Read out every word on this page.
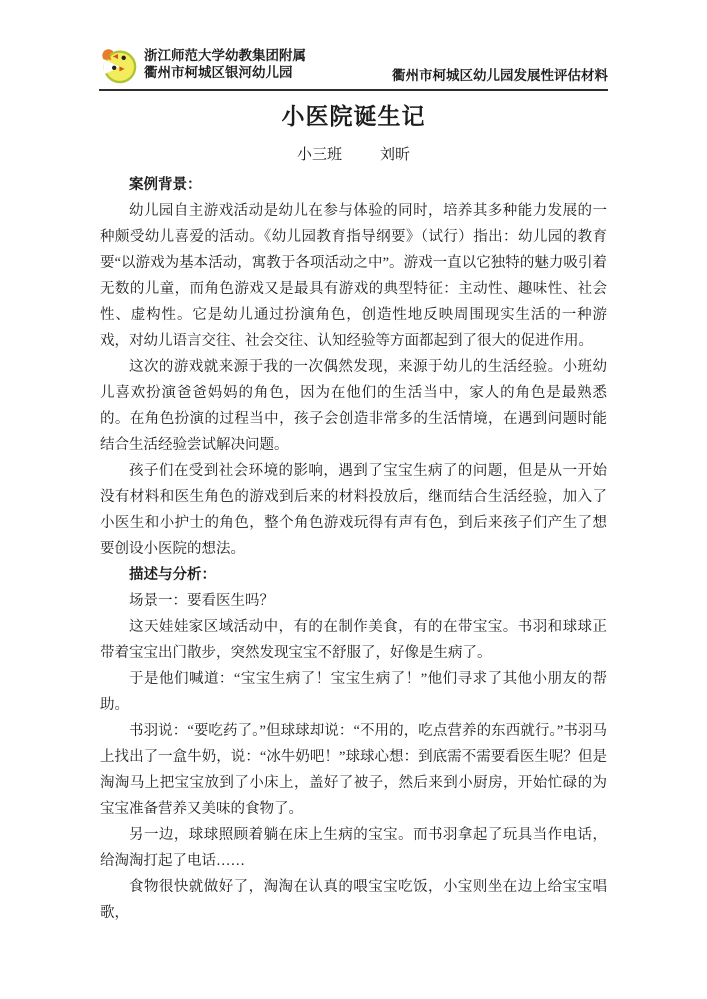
浙江师范大学幼教集团附属
衢州市柯城区银河幼儿园	衢州市柯城区幼儿园发展性评估材料
小医院诞生记
小三班	刘昕

案例背景：

幼儿园自主游戏活动是幼儿在参与体验的同时，培养其多种能力发展的一种颇受幼儿喜爱的活动。《幼儿园教育指导纲要》（试行）指出：幼儿园的教育要“以游戏为基本活动，寓教于各项活动之中”。游戏一直以它独特的魅力吸引着无数的儿童，而角色游戏又是最具有游戏的典型特征：主动性、趣味性、社会性、虚构性。它是幼儿通过扮演角色，创造性地反映周围现实生活的一种游戏，对幼儿语言交往、社会交往、认知经验等方面都起到了很大的促进作用。

这次的游戏就来源于我的一次偶然发现，来源于幼儿的生活经验。小班幼儿喜欢扮演爸爸妈妈的角色，因为在他们的生活当中，家人的角色是最熟悉的。在角色扮演的过程当中，孩子会创造非常多的生活情境，在遇到问题时能结合生活经验尝试解决问题。

孩子们在受到社会环境的影响，遇到了宝宝生病了的问题，但是从一开始没有材料和医生角色的游戏到后来的材料投放后，继而结合生活经验，加入了小医生和小护士的角色，整个角色游戏玩得有声有色，到后来孩子们产生了想要创设小医院的想法。

描述与分析：

场景一：要看医生吗？

这天娃娃家区域活动中，有的在制作美食，有的在带宝宝。书羽和球球正带着宝宝出门散步，突然发现宝宝不舒服了，好像是生病了。

于是他们喊道：“宝宝生病了！宝宝生病了！”他们寻求了其他小朋友的帮助。

书羽说：“要吃药了。”但球球却说：“不用的，吃点营养的东西就行。”书羽马上找出了一盒牛奶，说：“冰牛奶吧！”球球心想：到底需不需要看医生呢？但是淘淘马上把宝宝放到了小床上，盖好了被子，然后来到小厨房，开始忙碌的为宝宝准备营养又美味的食物了。

另一边，球球照顾着躺在床上生病的宝宝。而书羽拿起了玩具当作电话，给淘淘打起了电话……

食物很快就做好了，淘淘在认真的喂宝宝吃饭，小宝则坐在边上给宝宝唱歌，
